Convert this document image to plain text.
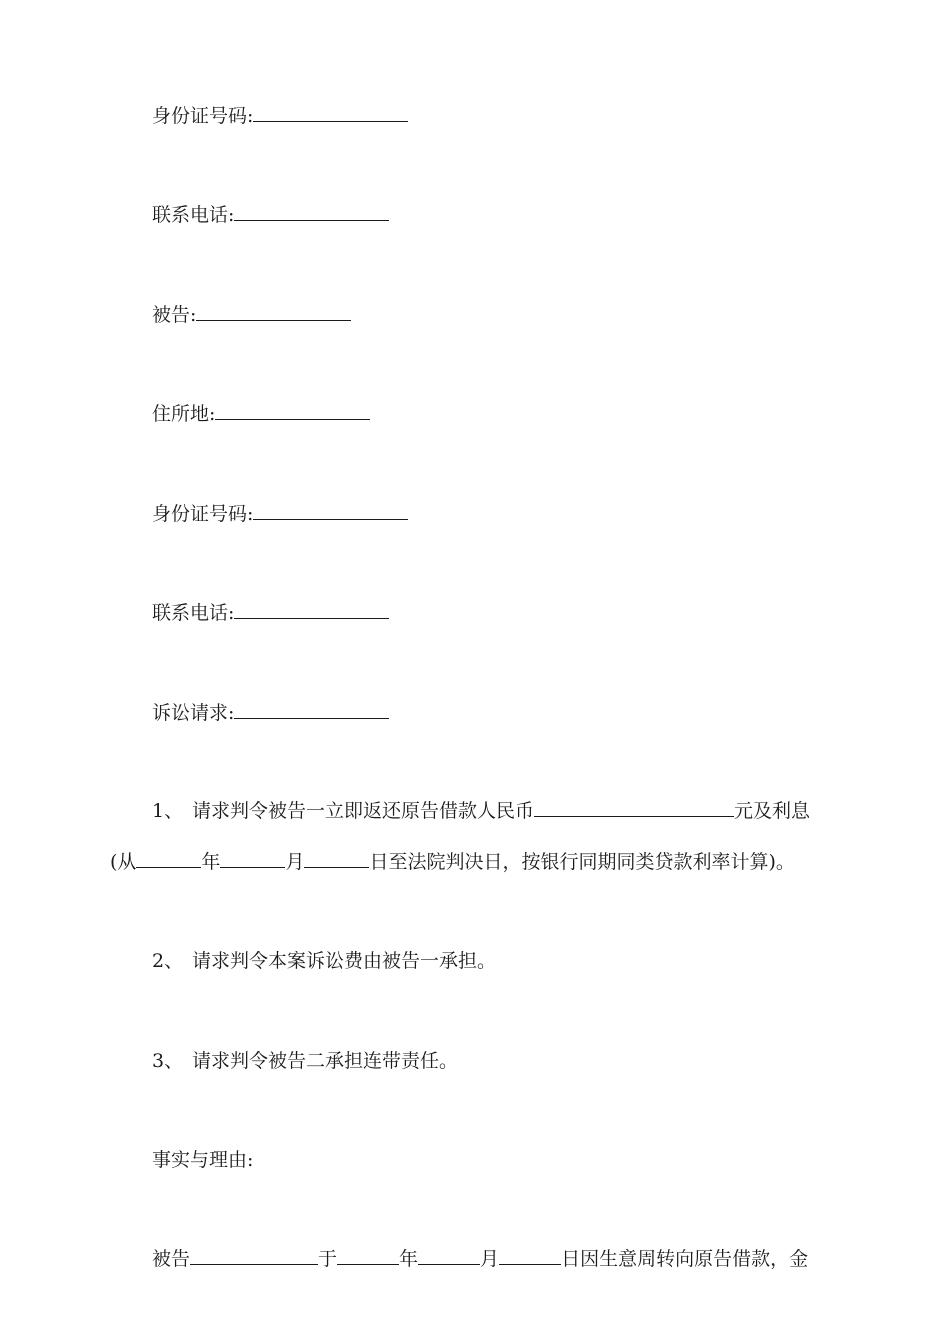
身份证号码:
联系电话:
被告:
住所地:
身份证号码:
联系电话:
诉讼请求:
1、 请求判令被告一立即返还原告借款人民币	元及利息
(从	年	月	日至法院判决日，按银行同期同类贷款利率计算)。
2、 请求判令本案诉讼费由被告一承担。
3、 请求判令被告二承担连带责任。
事实与理由:
被告	于	年	月	日因生意周转向原告借款，金
